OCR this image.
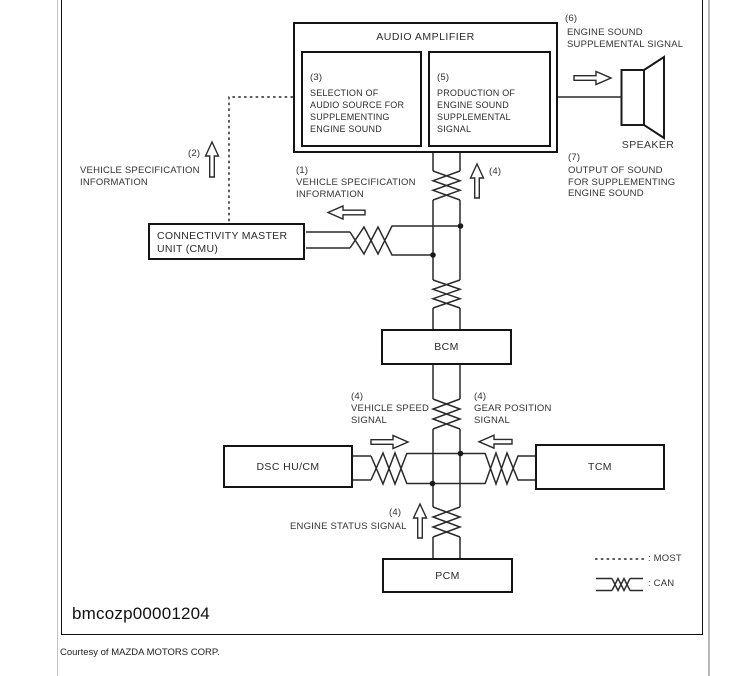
AUDIO AMPLIFIER
(3)
SELECTION OF
AUDIO SOURCE FOR
SUPPLEMENTING
ENGINE SOUND
(5)
PRODUCTION OF
ENGINE SOUND
SUPPLEMENTAL
SIGNAL
CONNECTIVITY MASTER
UNIT (CMU)
BCM
DSC HU/CM	TCM
PCM
(2)
VEHICLE SPECIFICATION
INFORMATION
(1)
VEHICLE SPECIFICATION
INFORMATION
(4)
(6)
ENGINE SOUND
SUPPLEMENTAL SIGNAL
(7)
OUTPUT OF SOUND
FOR SUPPLEMENTING
ENGINE SOUND
SPEAKER
(4)
VEHICLE SPEED
SIGNAL
(4)
GEAR POSITION
SIGNAL
(4)
ENGINE STATUS SIGNAL
: MOST
: CAN
bmcozp00001204
Courtesy of MAZDA MOTORS CORP.
